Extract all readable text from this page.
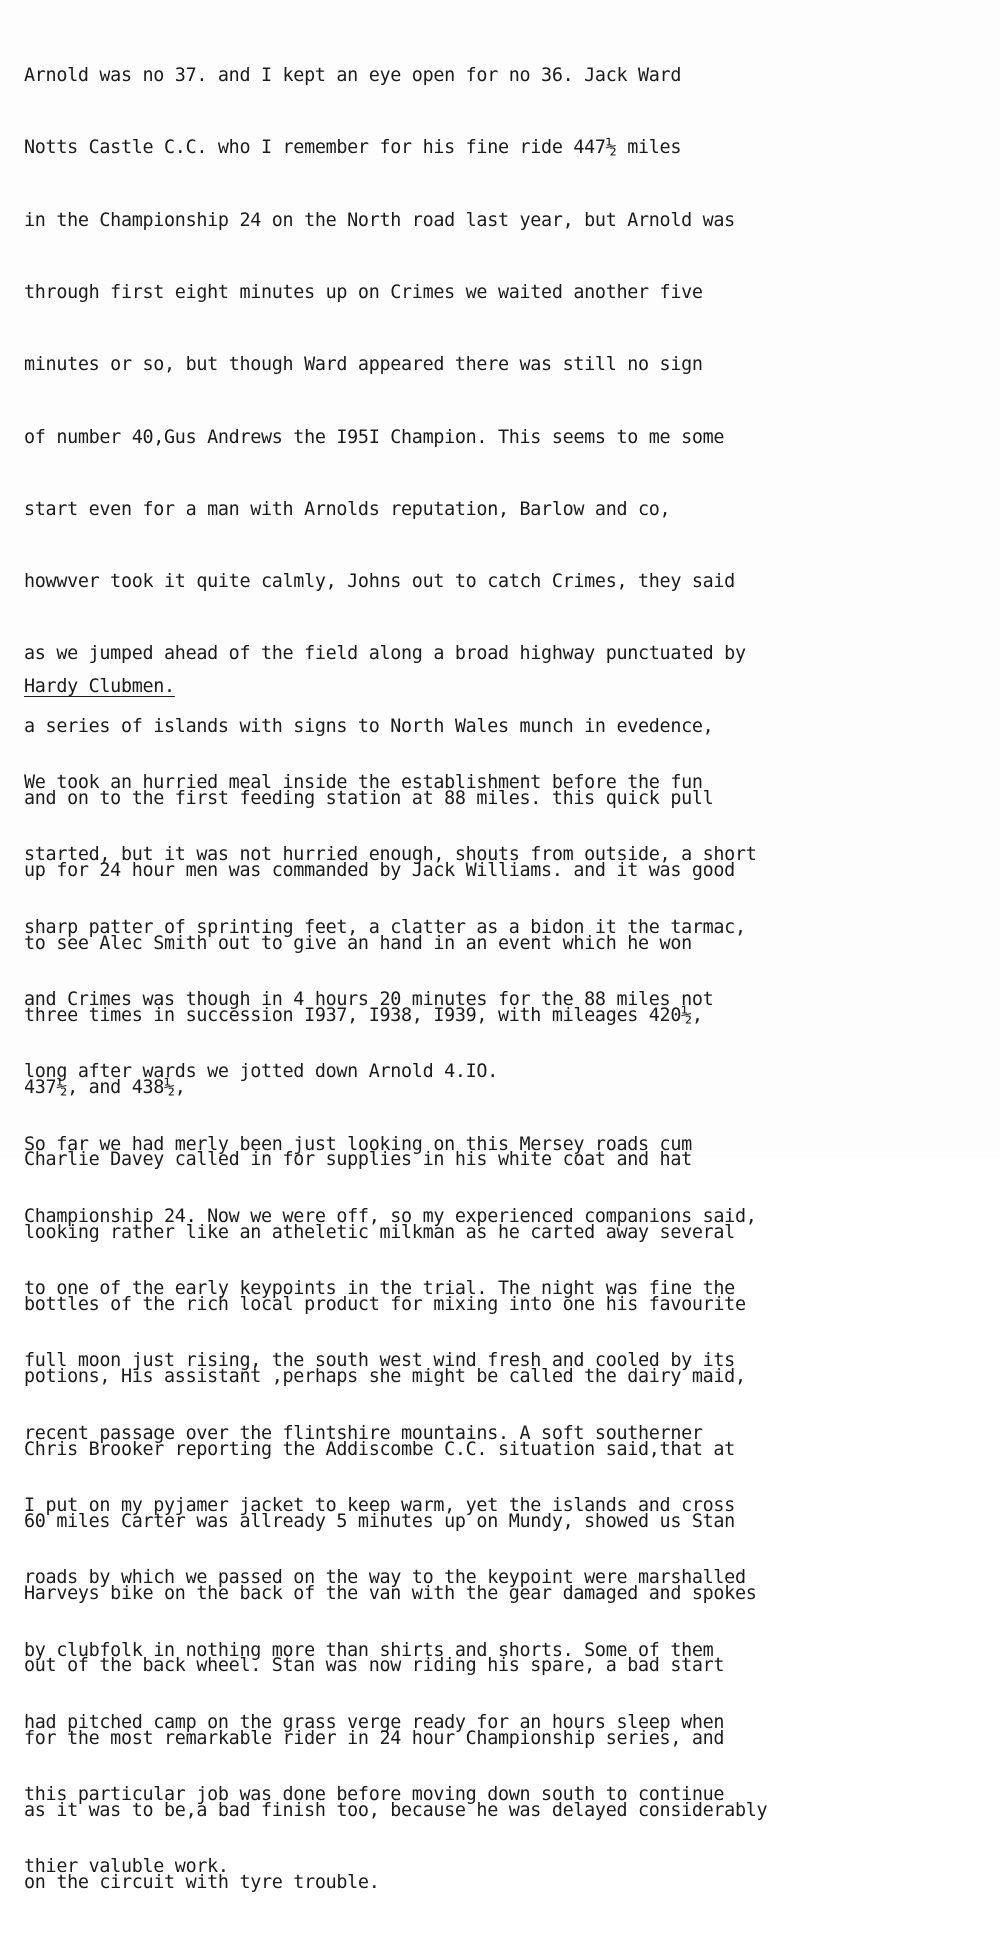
Arnold was no 37. and I kept an eye open for no 36. Jack Ward

Notts Castle C.C. who I remember for his fine ride 447½ miles

in the Championship 24 on the North road last year, but Arnold was

through first eight minutes up on Crimes we waited another five

minutes or so, but though Ward appeared there was still no sign

of number 40,Gus Andrews the I95I Champion. This seems to me some

start even for a man with Arnolds reputation, Barlow and co,

howwver took it quite calmly, Johns out to catch Crimes, they said

as we jumped ahead of the field along a broad highway punctuated by

a series of islands with signs to North Wales munch in evedence,

and on to the first feeding station at 88 miles. this quick pull

up for 24 hour men was commanded by Jack Williams. and it was good

to see Alec Smith out to give an hand in an event which he won

three times in succession I937, I938, I939, with mileages 420½,

437½, and 438½,

Charlie Davey called in for supplies in his white coat and hat

looking rather like an atheletic milkman as he carted away several

bottles of the rich local product for mixing into one his favourite

potions, His assistant ,perhaps she might be called the dairy maid,

Chris Brooker reporting the Addiscombe C.C. situation said,that at

60 miles Carter was allready 5 minutes up on Mundy, showed us Stan

Harveys bike on the back of the van with the gear damaged and spokes

out of the back wheel. Stan was now riding his spare, a bad start

for the most remarkable rider in 24 hour Championship series, and

as it was to be,a bad finish too, because he was delayed considerably

on the circuit with tyre trouble.

Hardy Clubmen.

We took an hurried meal inside the establishment before the fun

started, but it was not hurried enough, shouts from outside, a short

sharp patter of sprinting feet, a clatter as a bidon it the tarmac,

and Crimes was though in 4 hours 20 minutes for the 88 miles not

long after wards we jotted down Arnold 4.IO.

So far we had merly been just looking on this Mersey roads cum

Championship 24. Now we were off, so my experienced companions said,

to one of the early keypoints in the trial. The night was fine the

full moon just rising, the south west wind fresh and cooled by its

recent passage over the flintshire mountains. A soft southerner

I put on my pyjamer jacket to keep warm, yet the islands and cross

roads by which we passed on the way to the keypoint were marshalled

by clubfolk in nothing more than shirts and shorts. Some of them

had pitched camp on the grass verge ready for an hours sleep when

this particular job was done before moving down south to continue

thier valuble work.
